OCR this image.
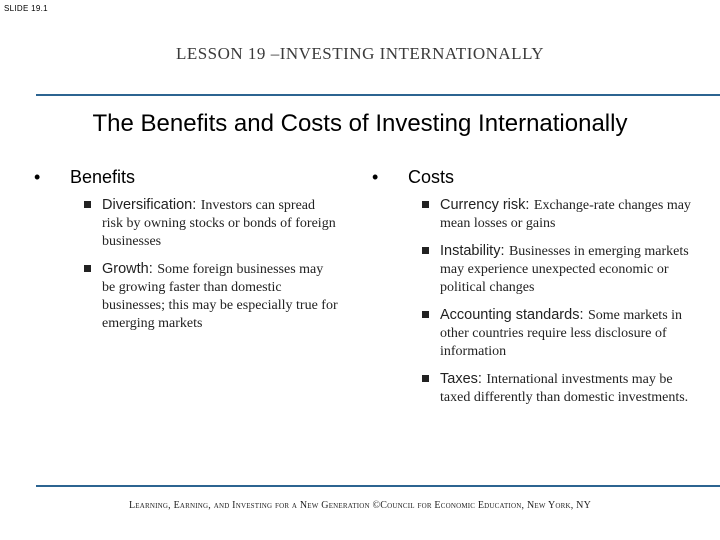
SLIDE 19.1
LESSON 19 –INVESTING INTERNATIONALLY
The Benefits and Costs of Investing Internationally
• Benefits
Diversification: Investors can spread risk by owning stocks or bonds of foreign businesses
Growth: Some foreign businesses may be growing faster than domestic businesses; this may be especially true for emerging markets
• Costs
Currency risk: Exchange-rate changes may mean losses or gains
Instability: Businesses in emerging markets may experience unexpected economic or political changes
Accounting standards: Some markets in other countries require less disclosure of information
Taxes: International investments may be taxed differently than domestic investments.
Learning, Earning, and Investing for a New Generation ©Council for Economic Education, New York, NY
